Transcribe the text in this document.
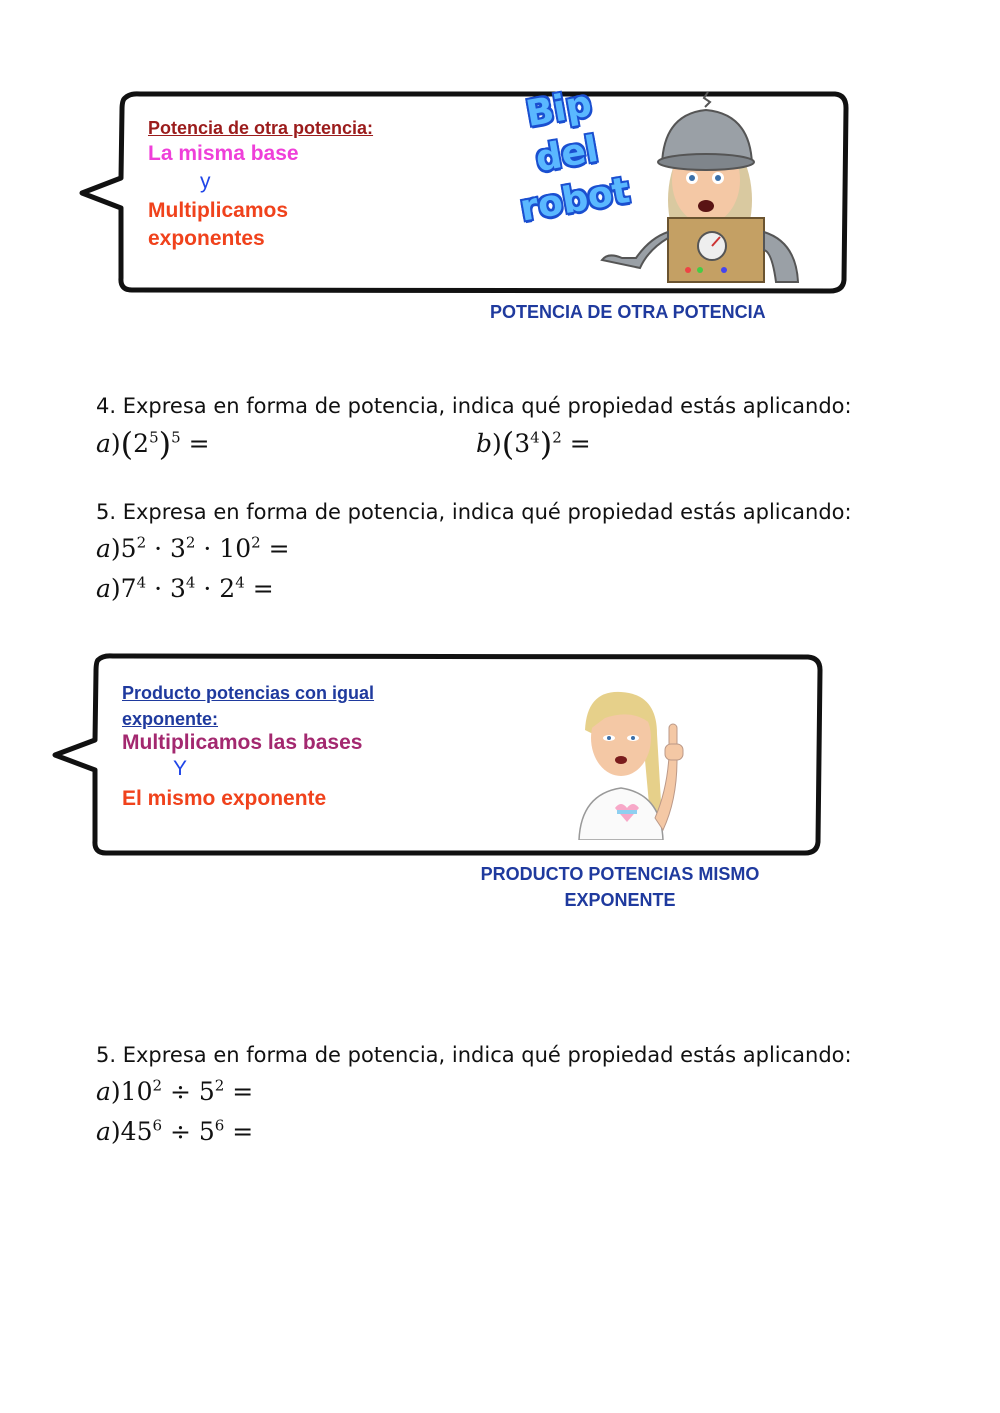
Potencia de otra potencia:
La misma base
y
Multiplicamos
exponentes
Bip
del
robot
POTENCIA DE OTRA POTENCIA
4. Expresa en forma de potencia, indica qué propiedad estás aplicando:
$a)(2^5)^5$ =	$b)(3^4)^2$ =
5. Expresa en forma de potencia, indica qué propiedad estás aplicando:
$a)5^2 \cdot 3^2 \cdot 10^2$ =
$a)7^4 \cdot 3^4 \cdot 2^4$ =
Producto potencias con igual exponente:
Multiplicamos las bases
Y
El mismo exponente
PRODUCTO POTENCIAS MISMO EXPONENTE
5. Expresa en forma de potencia, indica qué propiedad estás aplicando:
$a)10^2 \div 5^2$ =
$a)45^6 \div 5^6$ =
